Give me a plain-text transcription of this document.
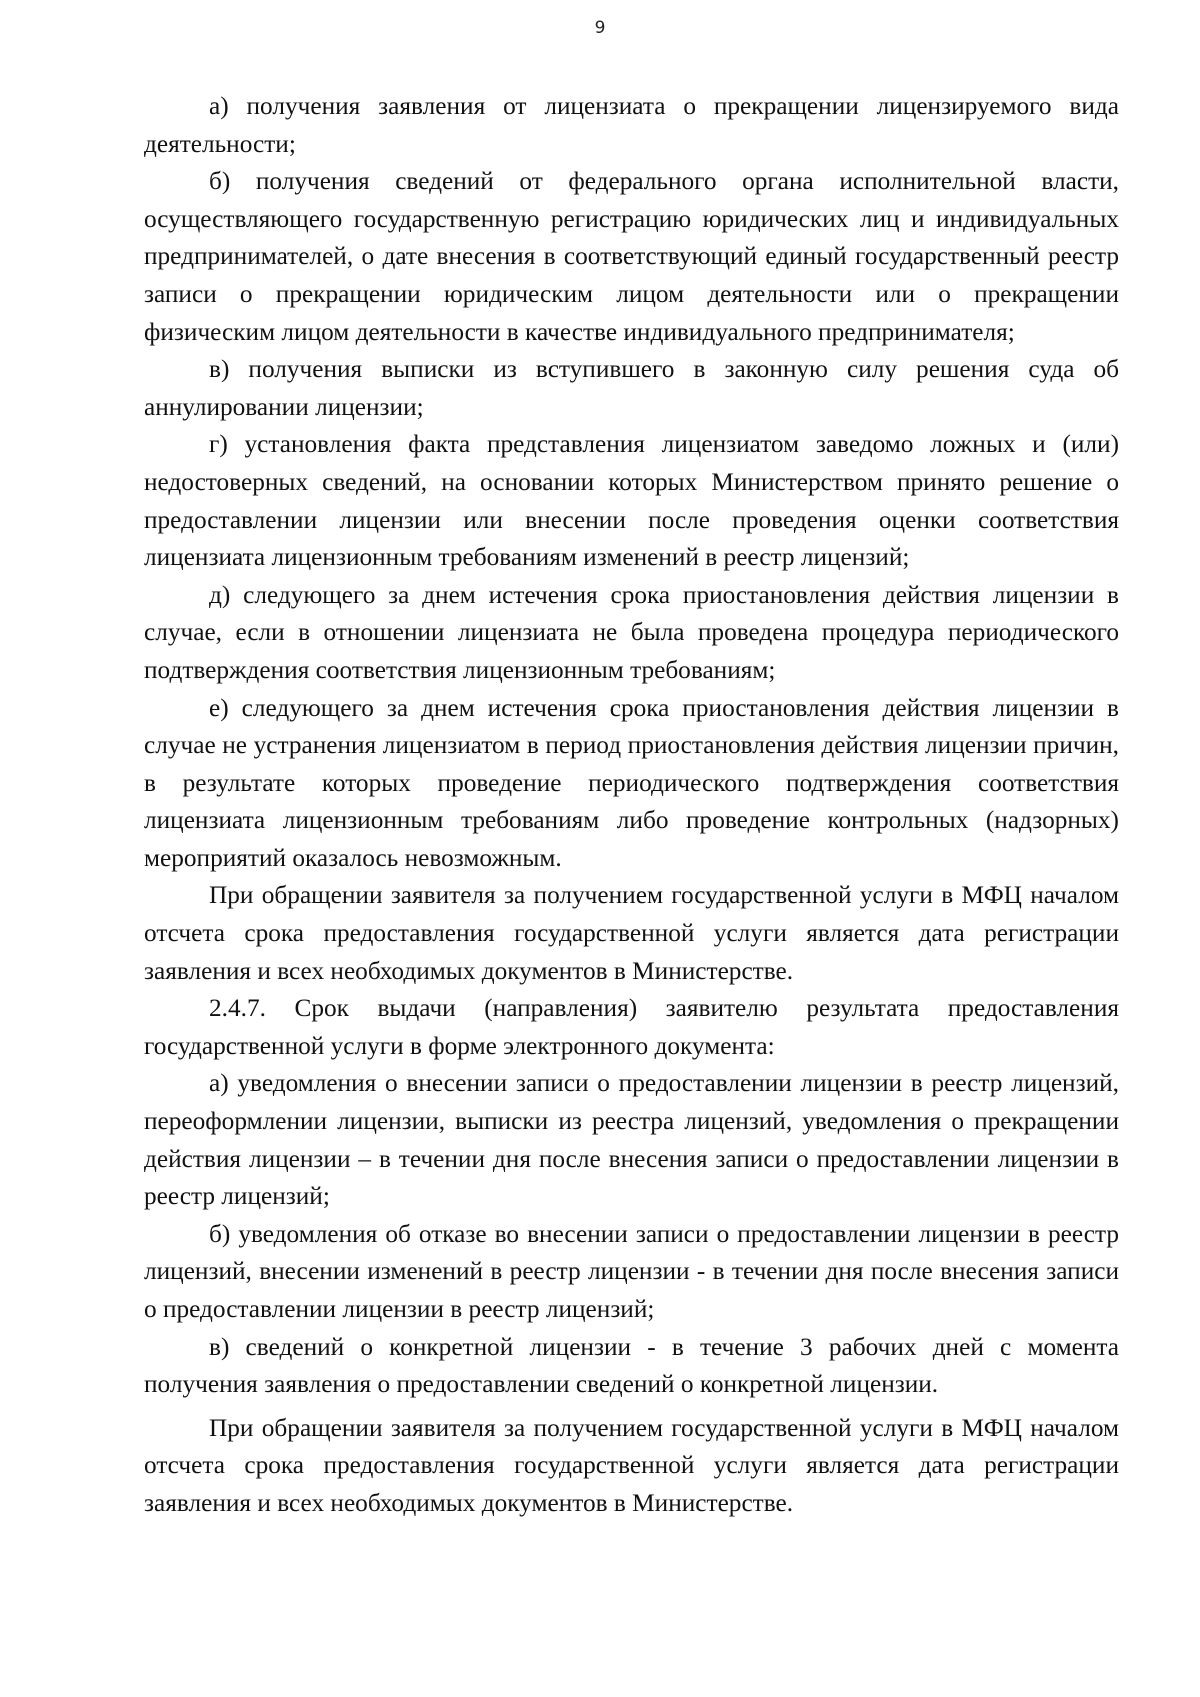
9

а) получения заявления от лицензиата о прекращении лицензируемого вида деятельности;

б) получения сведений от федерального органа исполнительной власти, осуществляющего государственную регистрацию юридических лиц и индивидуальных предпринимателей, о дате внесения в соответствующий единый государственный реестр записи о прекращении юридическим лицом деятельности или о прекращении физическим лицом деятельности в качестве индивидуального предпринимателя;

в) получения выписки из вступившего в законную силу решения суда об аннулировании лицензии;

г) установления факта представления лицензиатом заведомо ложных и (или) недостоверных сведений, на основании которых Министерством принято решение о предоставлении лицензии или внесении после проведения оценки соответствия лицензиата лицензионным требованиям изменений в реестр лицензий;

д) следующего за днем истечения срока приостановления действия лицензии в случае, если в отношении лицензиата не была проведена процедура периодического подтверждения соответствия лицензионным требованиям;

е) следующего за днем истечения срока приостановления действия лицензии в случае не устранения лицензиатом в период приостановления действия лицензии причин, в результате которых проведение периодического подтверждения соответствия лицензиата лицензионным требованиям либо проведение контрольных (надзорных) мероприятий оказалось невозможным.

При обращении заявителя за получением государственной услуги в МФЦ началом отсчета срока предоставления государственной услуги является дата регистрации заявления и всех необходимых документов в Министерстве.

2.4.7. Срок выдачи (направления) заявителю результата предоставления государственной услуги в форме электронного документа:

а) уведомления о внесении записи о предоставлении лицензии в реестр лицензий, переоформлении лицензии, выписки из реестра лицензий, уведомления о прекращении действия лицензии – в течении дня после внесения записи о предоставлении лицензии в реестр лицензий;

б) уведомления об отказе во внесении записи о предоставлении лицензии в реестр лицензий, внесении изменений в реестр лицензии - в течении дня после внесения записи о предоставлении лицензии в реестр лицензий;

в) сведений о конкретной лицензии - в течение 3 рабочих дней с момента получения заявления о предоставлении сведений о конкретной лицензии.

При обращении заявителя за получением государственной услуги в МФЦ началом отсчета срока предоставления государственной услуги является дата регистрации заявления и всех необходимых документов в Министерстве.
